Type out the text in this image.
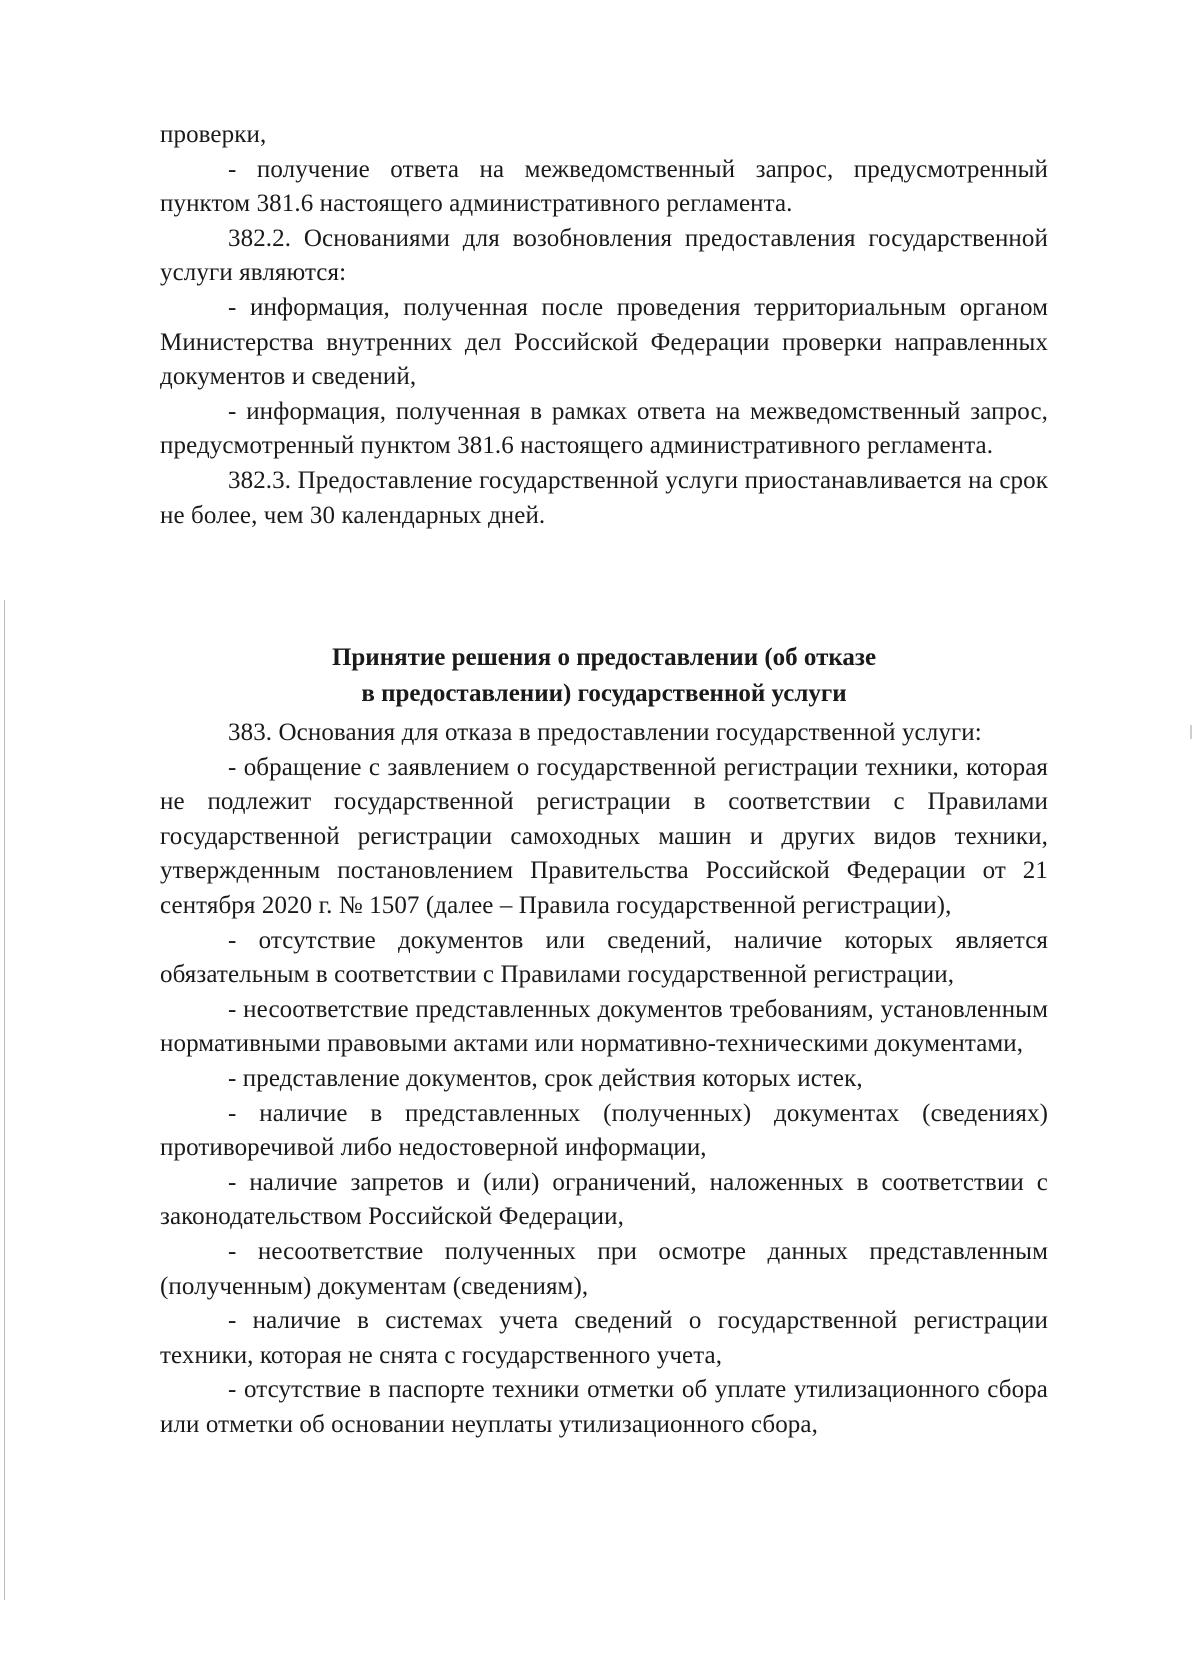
проверки,

- получение ответа на межведомственный запрос, предусмотренный пунктом 381.6 настоящего административного регламента.

382.2. Основаниями для возобновления предоставления государственной услуги являются:

- информация, полученная после проведения территориальным органом Министерства внутренних дел Российской Федерации проверки направленных документов и сведений,

- информация, полученная в рамках ответа на межведомственный запрос, предусмотренный пунктом 381.6 настоящего административного регламента.

382.3. Предоставление государственной услуги приостанавливается на срок не более, чем 30 календарных дней.

Принятие решения о предоставлении (об отказе
в предоставлении) государственной услуги

383. Основания для отказа в предоставлении государственной услуги:

- обращение с заявлением о государственной регистрации техники, которая не подлежит государственной регистрации в соответствии с Правилами государственной регистрации самоходных машин и других видов техники, утвержденным постановлением Правительства Российской Федерации от 21 сентября 2020 г. № 1507 (далее – Правила государственной регистрации),

- отсутствие документов или сведений, наличие которых является обязательным в соответствии с Правилами государственной регистрации,

- несоответствие представленных документов требованиям, установленным нормативными правовыми актами или нормативно-техническими документами,

- представление документов, срок действия которых истек,

- наличие в представленных (полученных) документах (сведениях) противоречивой либо недостоверной информации,

- наличие запретов и (или) ограничений, наложенных в соответствии с законодательством Российской Федерации,

- несоответствие полученных при осмотре данных представленным (полученным) документам (сведениям),

- наличие в системах учета сведений о государственной регистрации техники, которая не снята с государственного учета,

- отсутствие в паспорте техники отметки об уплате утилизационного сбора или отметки об основании неуплаты утилизационного сбора,
